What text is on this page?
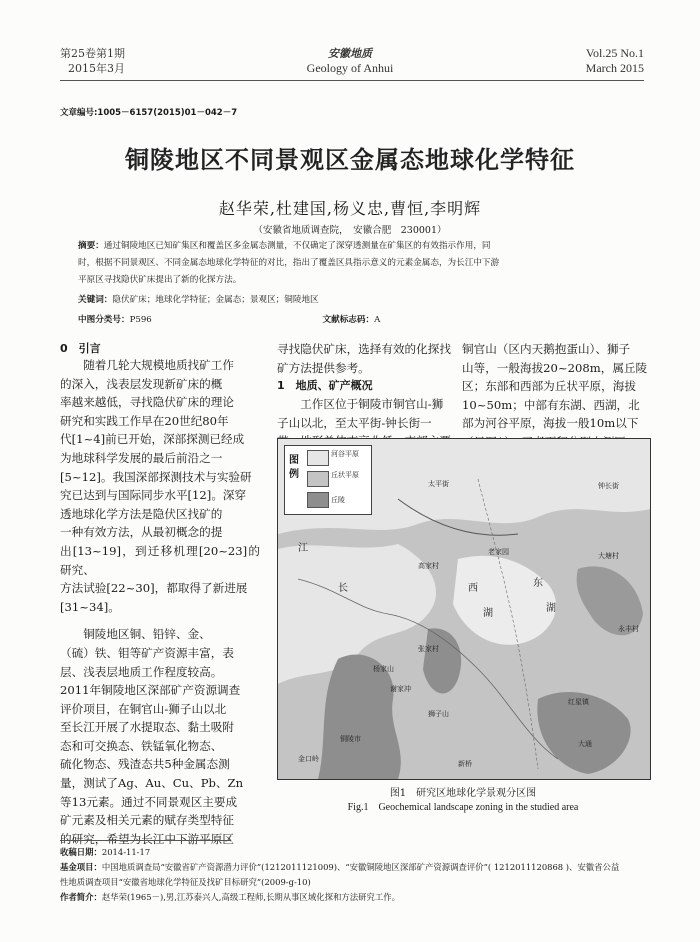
第25卷第1期
2015年3月
安徽地质
Geology of Anhui
Vol.25 No.1
March 2015
文章编号:1005－6157(2015)01－042－7
铜陵地区不同景观区金属态地球化学特征
赵华荣,杜建国,杨义忠,曹恒,李明辉
（安徽省地质调查院，　安徽合肥　230001）
摘要：通过铜陵地区已知矿集区和覆盖区多金属态测量，不仅确定了深穿透测量在矿集区的有效指示作用，同
时，根据不同景观区、不同金属态地球化学特征的对比，指出了覆盖区具指示意义的元素金属态，为长江中下游
平原区寻找隐伏矿床提出了新的化探方法。
关键词：隐伏矿床；地球化学特征；金属态；景观区；铜陵地区
中图分类号：P596	文献标志码：A
0　引言
　　随着几轮大规模地质找矿工作
的深入，浅表层发现新矿床的概
率越来越低，寻找隐伏矿床的理论
研究和实践工作早在20世纪80年
代[1~4]前已开始，深部探测已经成
为地球科学发展的最后前沿之一
[5~12]。我国深部探测技术与实验研
究已达到与国际同步水平[12]。深穿
透地球化学方法是隐伏区找矿的
一种有效方法，从最初概念的提
出[13~19]，到迁移机理[20~23]的研究、
方法试验[22~30]，都取得了新进展
[31~34]。
　　铜陵地区铜、铅锌、金、
（硫）铁、钼等矿产资源丰富，表
层、浅表层地质工作程度较高。
2011年铜陵地区深部矿产资源调查
评价项目，在铜官山-狮子山以北
至长江开展了水提取态、黏土吸附
态和可交换态、铁锰氧化物态、
硫化物态、残渣态共5种金属态测
量，测试了Ag、Au、Cu、Pb、Zn
等13元素。通过不同景观区主要成
矿元素及相关元素的赋存类型特征
的研究，希望为长江中下游平原区
寻找隐伏矿床，选择有效的化探找
矿方法提供参考。
1　地质、矿产概况
　　工作区位于铜陵市铜官山-狮
子山以北，至太平街-钟长街一
铜官山（区内天鹅抱蛋山）、狮子
山等，一般海拔20~208m，属丘陵
区；东部和西部为丘状平原，海拔
10~50m；中部有东湖、西湖，北
部为河谷平原，海拔一般10m以下
图例
河谷平原
丘状平原
丘陵
太平街	钟长街
江
长	西
湖
东
湖
老家园	大塘村
高家村
永丰村
张家村
杨家山
谢家冲
铜陵市
狮子山
红星镇
金口岭
大通
新桥
图1　研究区地球化学景观分区图
Fig.1　Geochemical landscape zoning in the studied area
收稿日期：2014-11-17
基金项目：中国地质调查局“安徽省矿产资源潜力评价”(1212011121009)、“安徽铜陵地区深部矿产资源调查评价”( 1212011120868 )、安徽省公益
性地质调查项目“安徽省地球化学特征及找矿目标研究”(2009-g-10)
作者简介：赵华荣(1965－),男,江苏泰兴人,高级工程师,长期从事区域化探和方法研究工作。
